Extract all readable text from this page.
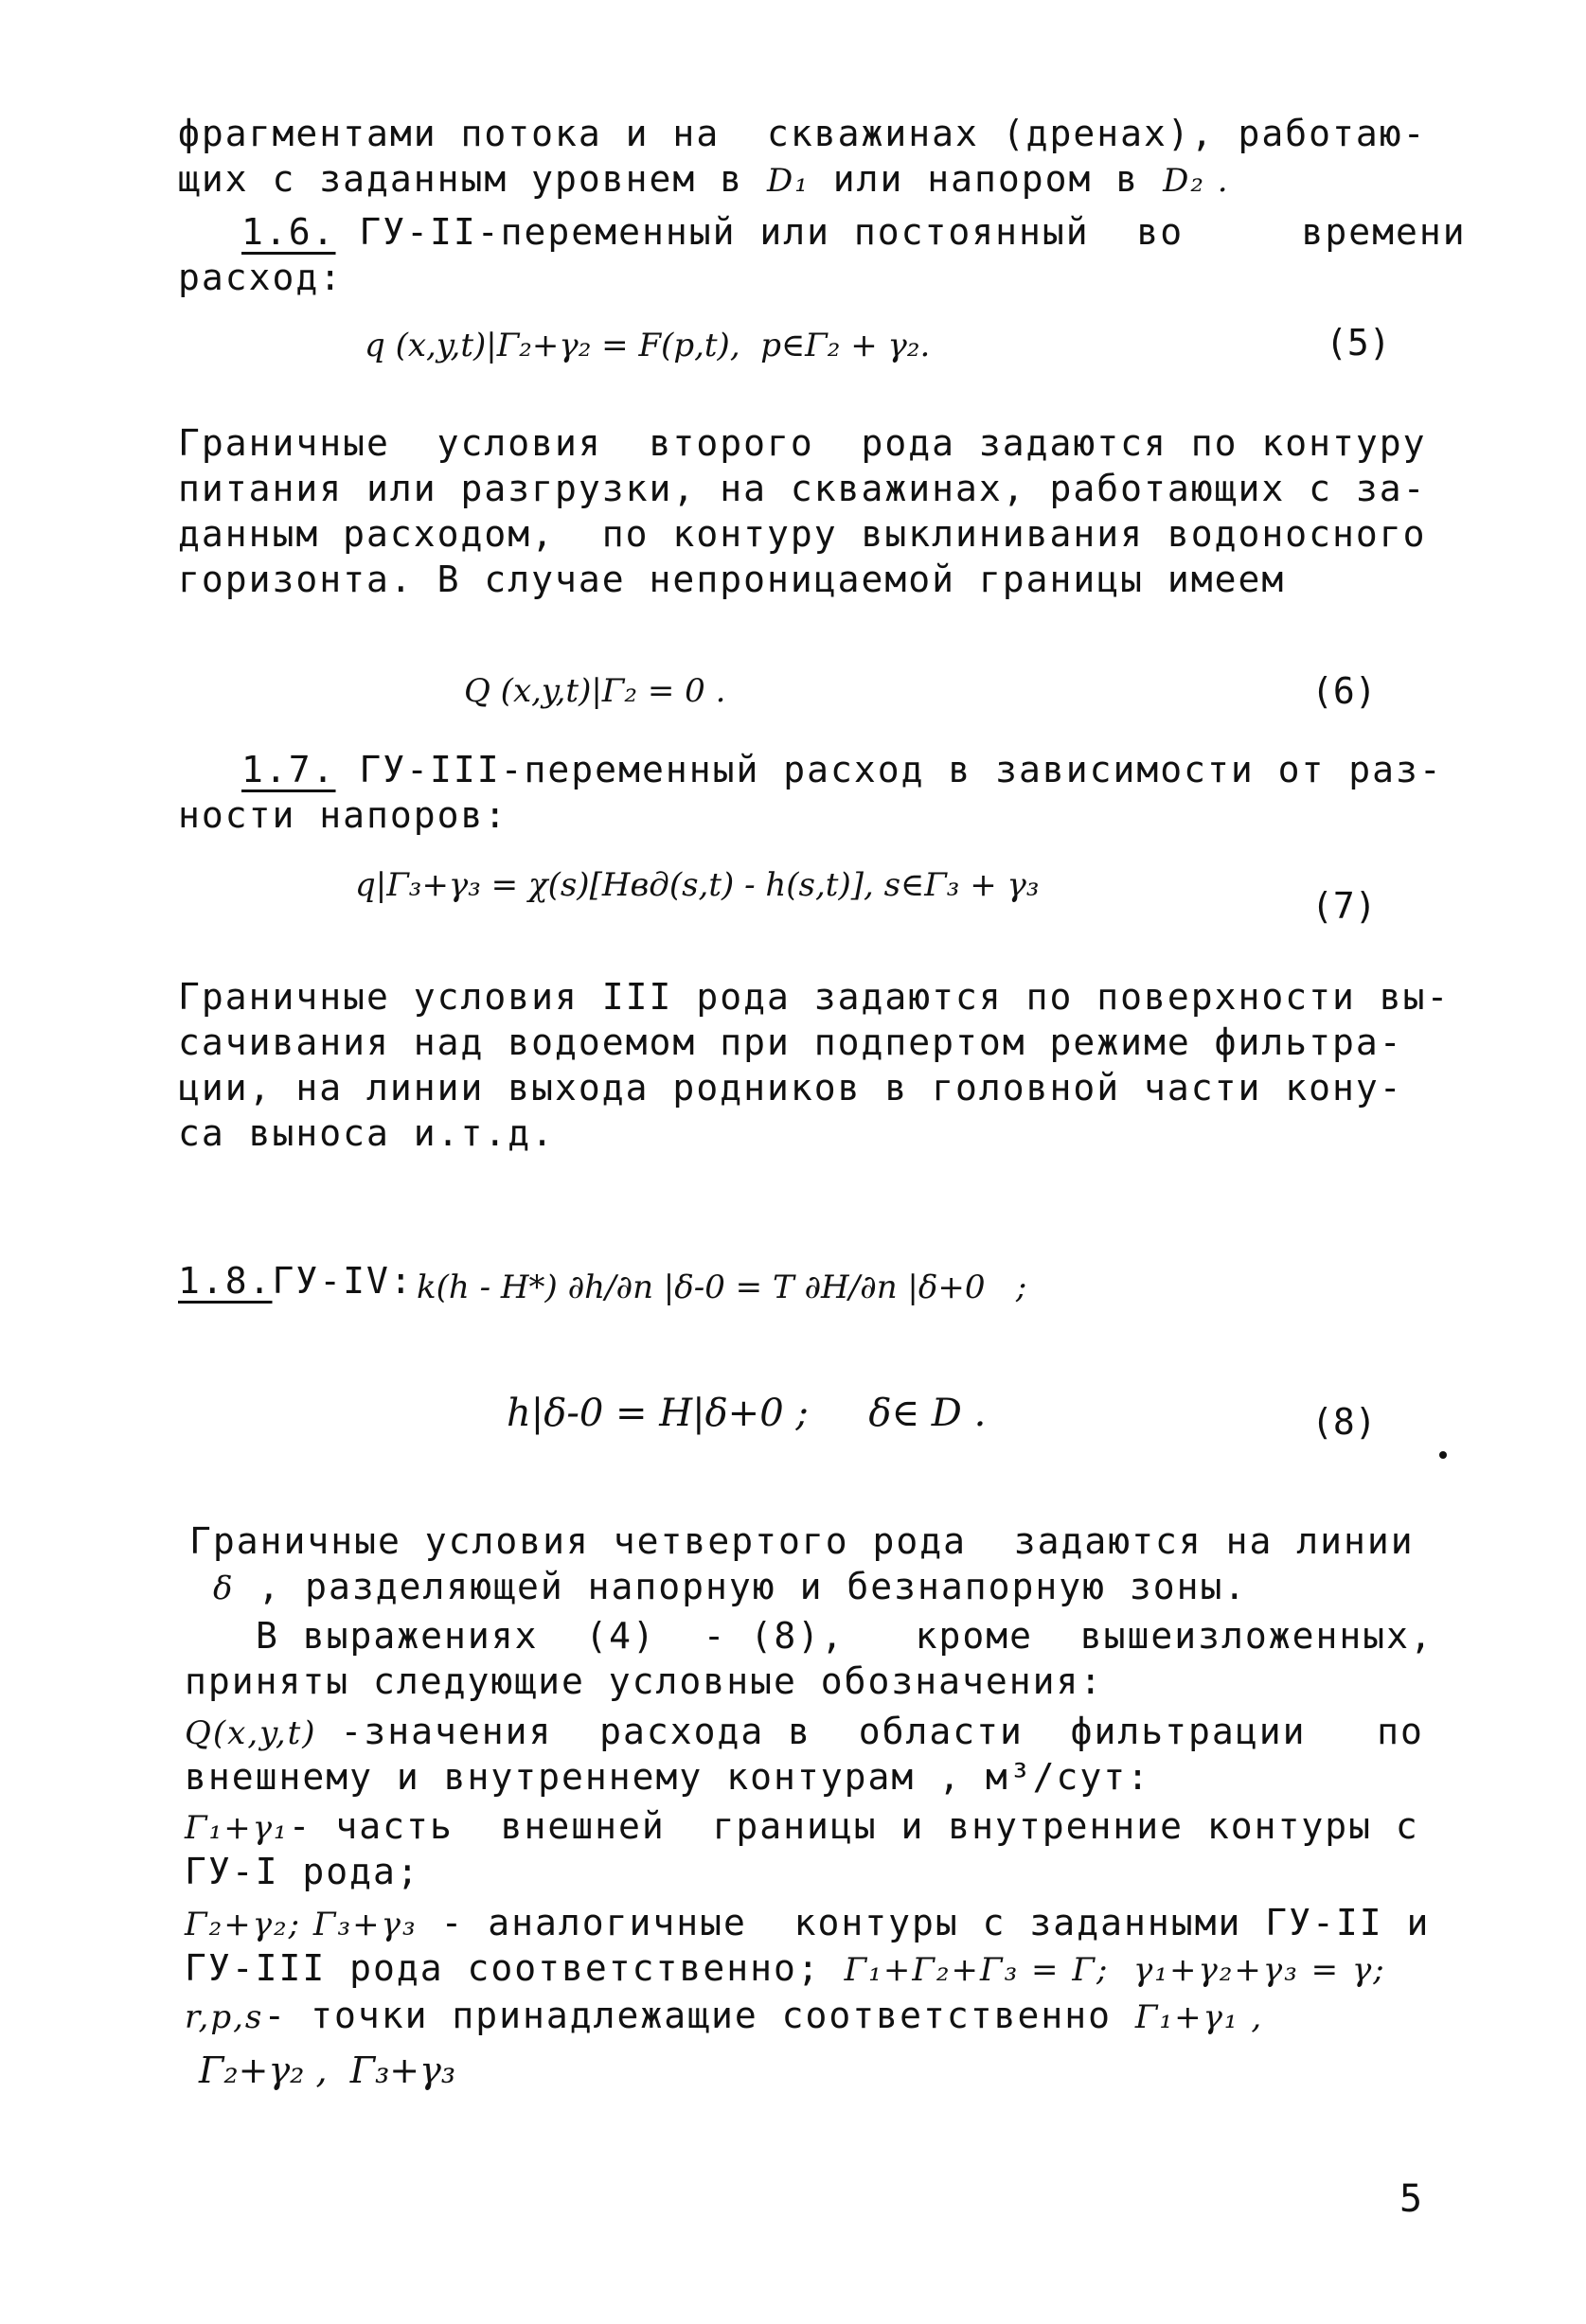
фрагментами потока и на  скважинах (дренах), работаю-
щих с заданным уровнем в D₁ или напором в D₂ .
1.6. ГУ-II-переменный или постоянный  во     времени
расход:
q (x,y,t)|Γ₂+γ₂ = F(p,t),  p∈Γ₂ + γ₂.	(5)
Граничные  условия  второго  рода задаются по контуру
питания или разгрузки, на скважинах, работающих с за-
данным расходом,  по контуру выклинивания водоносного
горизонта. В случае непроницаемой границы имеем
Q (x,y,t)|Γ₂ = 0 .	(6)
1.7. ГУ-III-переменный расход в зависимости от раз-
ности напоров:
q|Γ₃+γ₃ = χ(s)[Hвд(s,t) - h(s,t)], s∈Γ₃ + γ₃	(7)
Граничные условия III рода задаются по поверхности вы-
сачивания над водоемом при подпертом режиме фильтра-
ции, на линии выхода родников в головной части кону-
са выноса и.т.д.
1.8.ГУ-IV: k(h - H*) ∂h/∂n |δ-0 = T ∂H/∂n |δ+0   ;
h|δ-0 = H|δ+0 ;     δ∈ D .	(8)
Граничные условия четвертого рода  задаются на линии
δ , разделяющей напорную и безнапорную зоны.
В выражениях  (4)  - (8),   кроме  вышеизложенных,
приняты следующие условные обозначения:
Q(x,y,t) -значения  расхода в  области  фильтрации   по
внешнему и внутреннему контурам , м³/сут:
Γ₁+γ₁- часть  внешней  границы и внутренние контуры с
ГУ-I рода;
Γ₂+γ₂; Γ₃+γ₃ - аналогичные  контуры с заданными ГУ-II и
ГУ-III рода соответственно; Γ₁+Γ₂+Γ₃ = Γ;  γ₁+γ₂+γ₃ = γ;
r,p,s- точки принадлежащие соответственно Γ₁+γ₁ ,
Γ₂+γ₂ ,  Γ₃+γ₃
5
